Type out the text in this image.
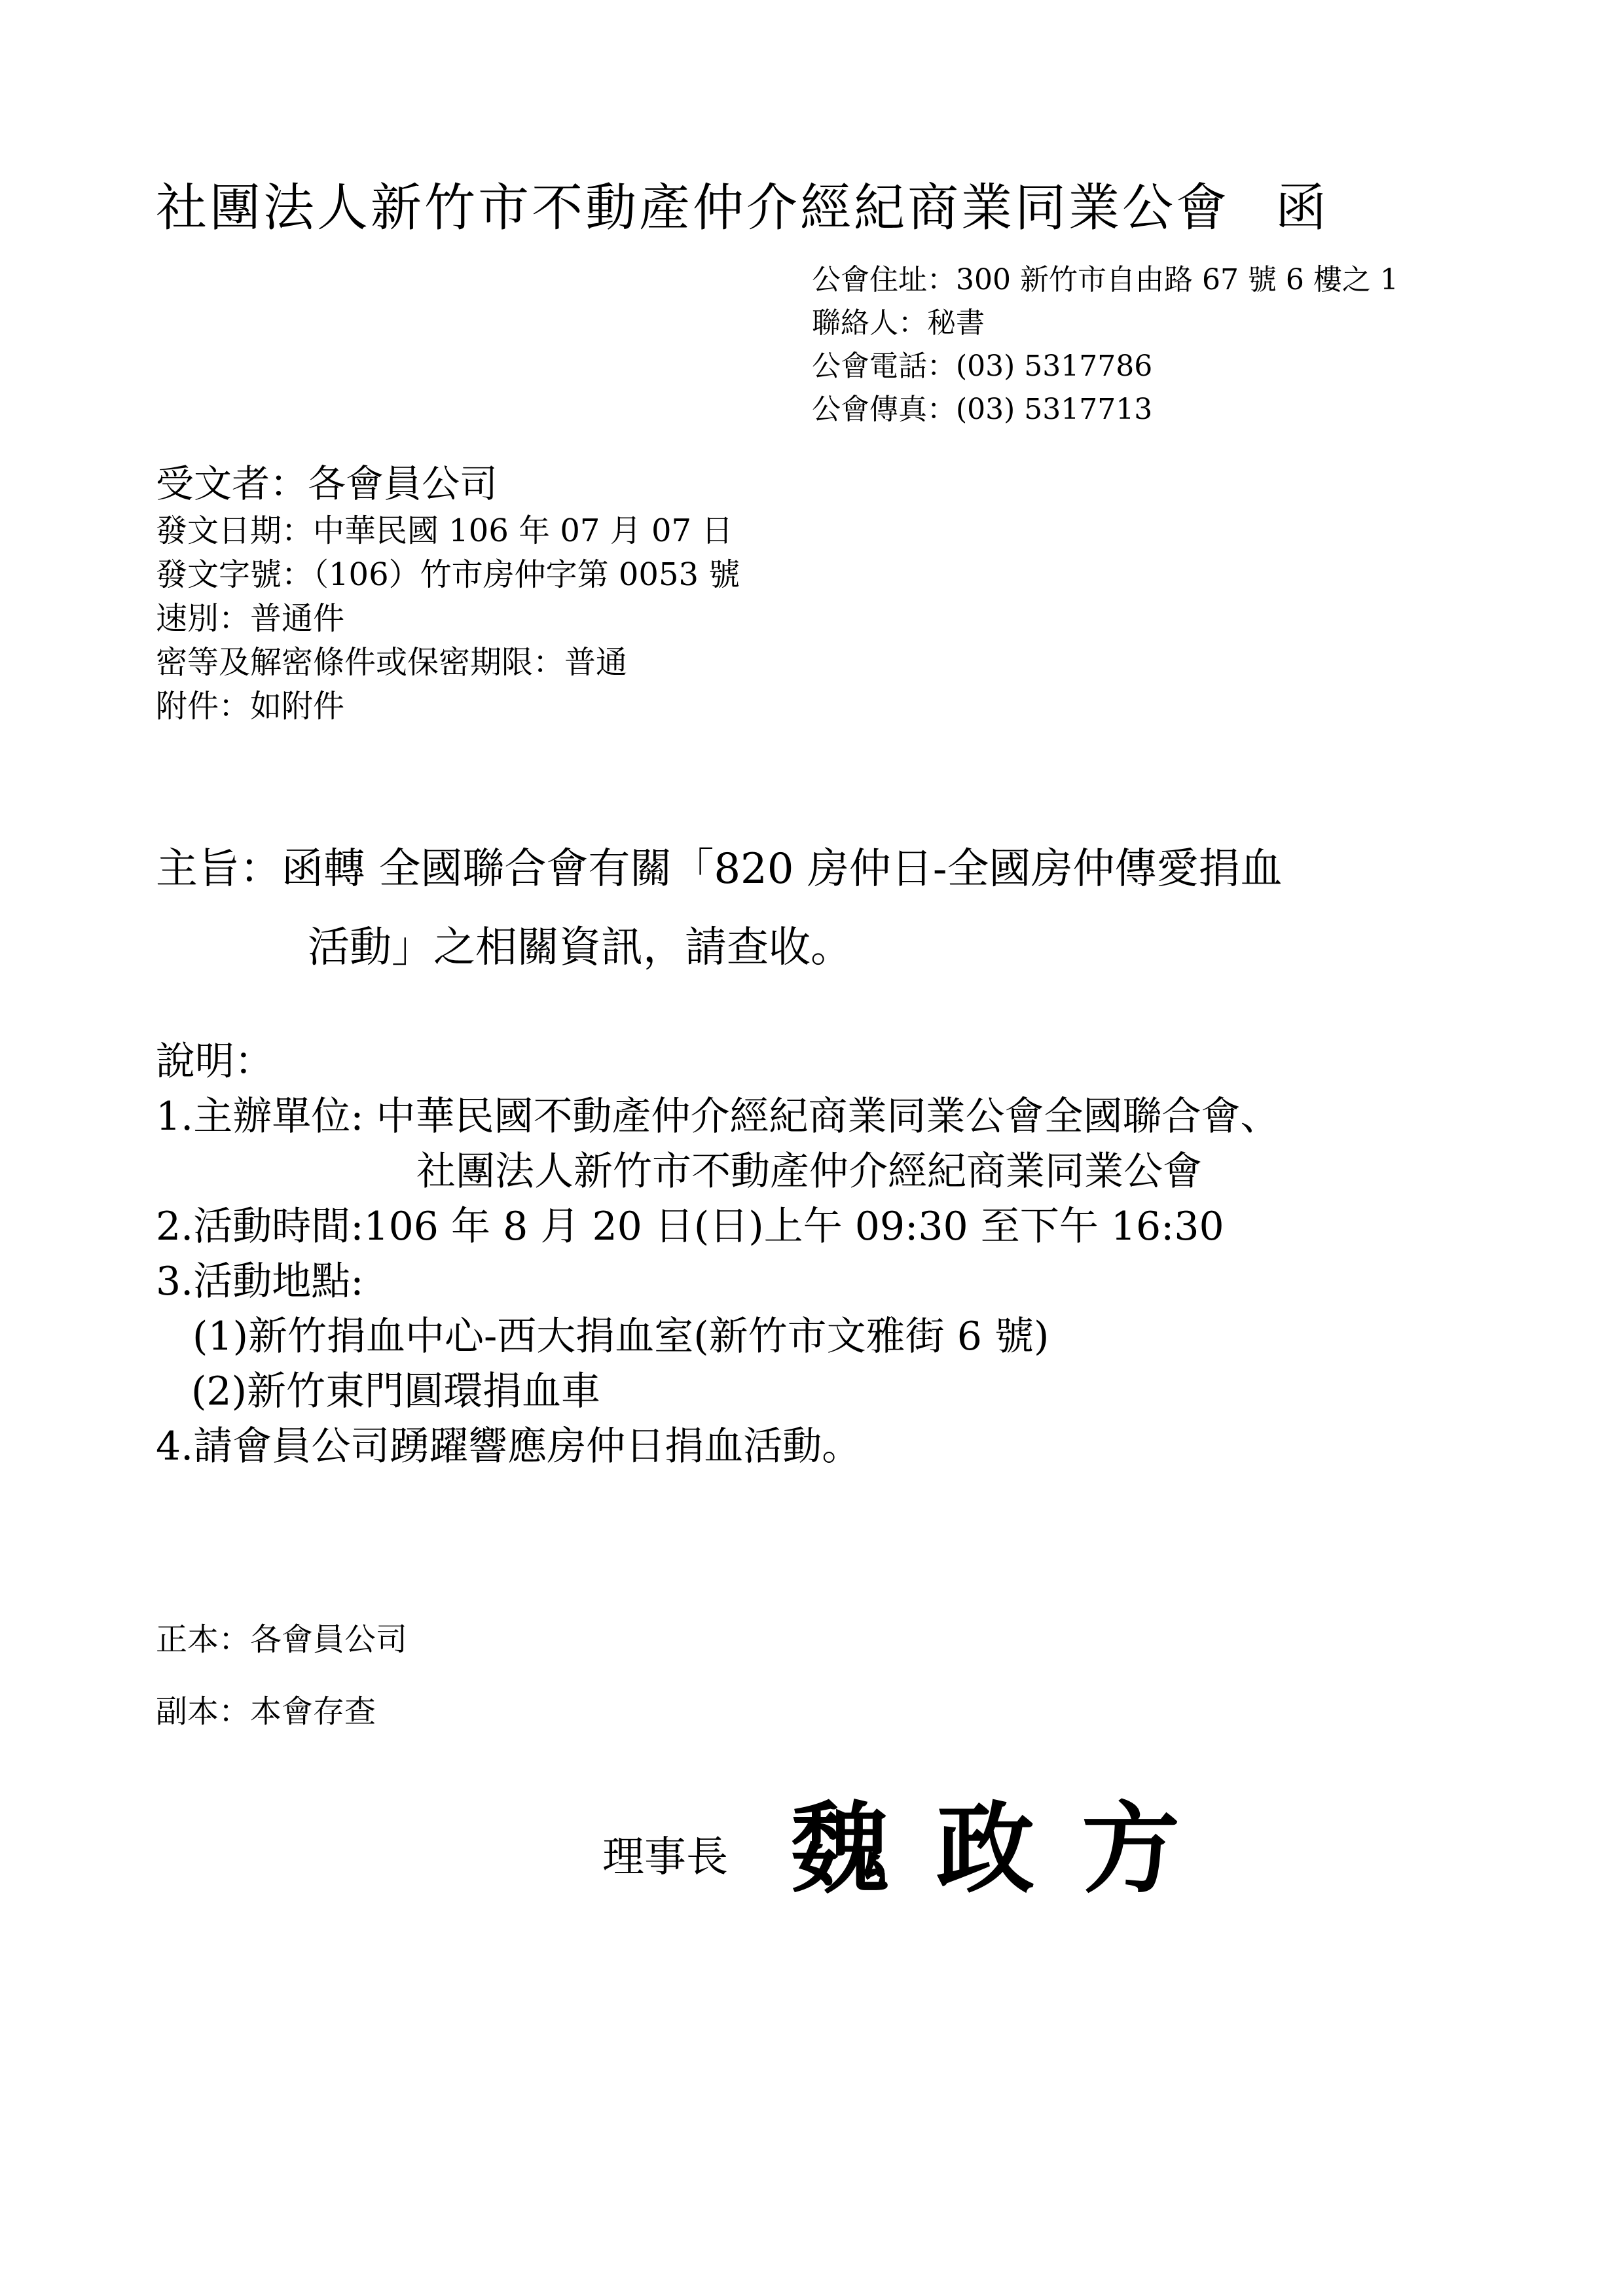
社團法人新竹市不動產仲介經紀商業同業公會 函
公會住址：300 新竹市自由路 67 號 6 樓之 1
聯絡人：秘書
公會電話：(03) 5317786
公會傳真：(03) 5317713
受文者：各會員公司
發文日期：中華民國 106 年 07 月 07 日
發文字號：（106）竹市房仲字第 0053 號
速別：普通件
密等及解密條件或保密期限：普通
附件：如附件
主旨：函轉 全國聯合會有關「820 房仲日-全國房仲傳愛捐血
活動」之相關資訊，請查收。
說明：
1.主辦單位: 中華民國不動產仲介經紀商業同業公會全國聯合會、
社團法人新竹市不動產仲介經紀商業同業公會
2.活動時間:106 年 8 月 20 日(日)上午 09:30 至下午 16:30
3.活動地點:
(1)新竹捐血中心-西大捐血室(新竹市文雅街 6 號)
(2)新竹東門圓環捐血車
4.請會員公司踴躍響應房仲日捐血活動。
正本：各會員公司
副本：本會存查
理事長 魏政方
